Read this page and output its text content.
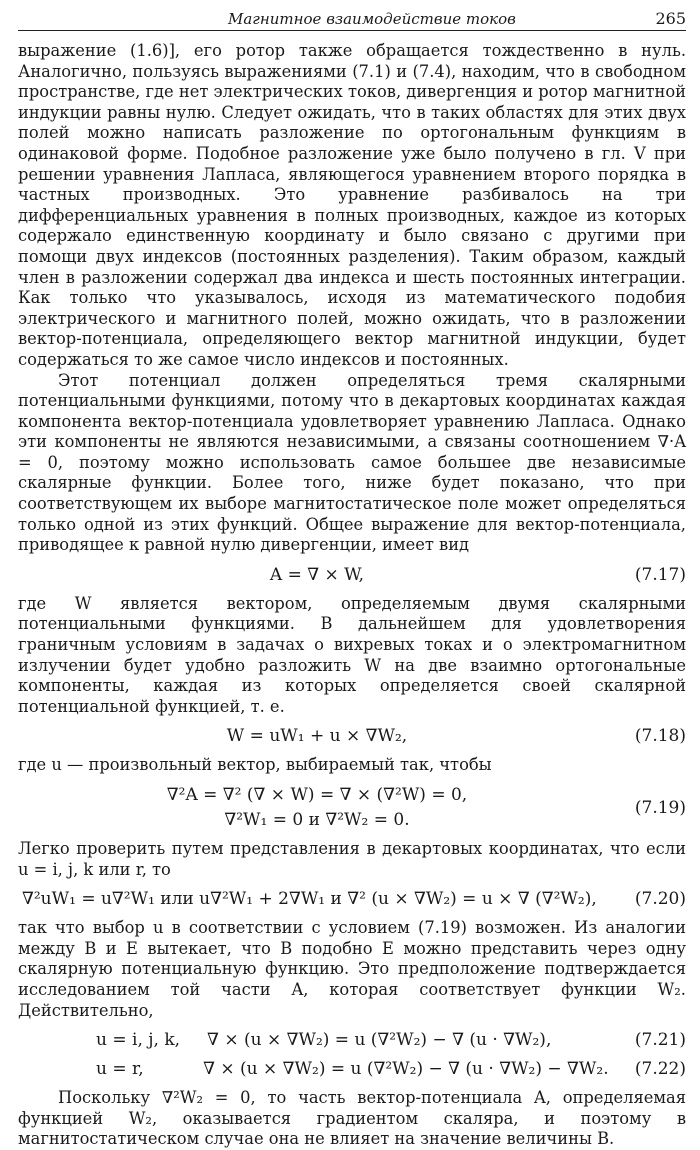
Магнитное взаимодействие токов	265

выражение (1.6)], его ротор также обращается тождественно в нуль. Аналогично, пользуясь выражениями (7.1) и (7.4), находим, что в свободном пространстве, где нет электрических токов, дивергенция и ротор магнитной индукции равны нулю. Следует ожидать, что в таких областях для этих двух полей можно написать разложение по ортогональным функциям в одинаковой форме. Подобное разложение уже было получено в гл. V при решении уравнения Лапласа, являющегося уравнением второго порядка в частных производных. Это уравнение разбивалось на три дифференциальных уравнения в полных производных, каждое из которых содержало единственную координату и было связано с другими при помощи двух индексов (постоянных разделения). Таким образом, каждый член в разложении содержал два индекса и шесть постоянных интеграции. Как только что указывалось, исходя из математического подобия электрического и магнитного полей, можно ожидать, что в разложении вектор-потенциала, определяющего вектор магнитной индукции, будет содержаться то же самое число индексов и постоянных.

Этот потенциал должен определяться тремя скалярными потенциальными функциями, потому что в декартовых координатах каждая компонента вектор-потенциала удовлетворяет уравнению Лапласа. Однако эти компоненты не являются независимыми, а связаны соотношением ∇·A = 0, поэтому можно использовать самое большее две независимые скалярные функции. Более того, ниже будет показано, что при соответствующем их выборе магнитостатическое поле может определяться только одной из этих функций. Общее выражение для вектор-потенциала, приводящее к равной нулю дивергенции, имеет вид

A = ∇ × W,	(7.17)

где W является вектором, определяемым двумя скалярными потенциальными функциями. В дальнейшем для удовлетворения граничным условиям в задачах о вихревых токах и о электромагнитном излучении будет удобно разложить W на две взаимно ортогональные компоненты, каждая из которых определяется своей скалярной потенциальной функцией, т. е.

W = uW₁ + u × ∇W₂,	(7.18)

где u — произвольный вектор, выбираемый так, чтобы

∇²A = ∇² (∇ × W) = ∇ × (∇²W) = 0,
∇²W₁ = 0 и ∇²W₂ = 0.
(7.19)

Легко проверить путем представления в декартовых координатах, что если u = i, j, k или r, то

∇²uW₁ = u∇²W₁ или u∇²W₁ + 2∇W₁ и ∇² (u × ∇W₂) = u × ∇ (∇²W₂),	(7.20)

так что выбор u в соответствии с условием (7.19) возможен. Из аналогии между B и E вытекает, что B подобно E можно представить через одну скалярную потенциальную функцию. Это предположение подтверждается исследованием той части A, которая соответствует функции W₂. Действительно,

u = i, j, k,     ∇ × (u × ∇W₂) = u (∇²W₂) − ∇ (u · ∇W₂),	(7.21)
u = r,           ∇ × (u × ∇W₂) = u (∇²W₂) − ∇ (u · ∇W₂) − ∇W₂.	(7.22)

Поскольку ∇²W₂ = 0, то часть вектор-потенциала A, определяемая функцией W₂, оказывается градиентом скаляра, и поэтому в магнитостатическом случае она не влияет на значение величины B.
